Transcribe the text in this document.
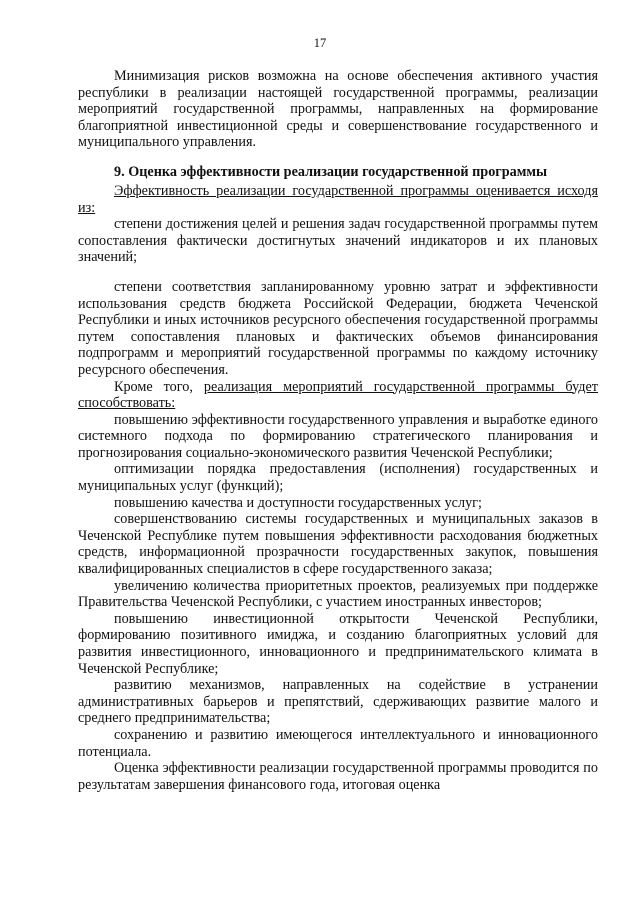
17

Минимизация рисков возможна на основе обеспечения активного участия республики в реализации настоящей государственной программы, реализации мероприятий государственной программы, направленных на формирование благоприятной инвестиционной среды и совершенствование государственного и муниципального управления.

9. Оценка эффективности реализации государственной программы

Эффективность реализации государственной программы оценивается исходя из:

степени достижения целей и решения задач государственной программы путем сопоставления фактически достигнутых значений индикаторов и их плановых значений;

степени соответствия запланированному уровню затрат и эффективности использования средств бюджета Российской Федерации, бюджета Чеченской Республики и иных источников ресурсного обеспечения государственной программы путем сопоставления плановых и фактических объемов финансирования подпрограмм и мероприятий государственной программы по каждому источнику ресурсного обеспечения.

Кроме того, реализация мероприятий государственной программы будет способствовать:

повышению эффективности государственного управления и выработке единого системного подхода по формированию стратегического планирования и прогнозирования социально-экономического развития Чеченской Республики;

оптимизации порядка предоставления (исполнения) государственных и муниципальных услуг (функций);

повышению качества и доступности государственных услуг;

совершенствованию системы государственных и муниципальных заказов в Чеченской Республике путем повышения эффективности расходования бюджетных средств, информационной прозрачности государственных закупок, повышения квалифицированных специалистов в сфере государственного заказа;

увеличению количества приоритетных проектов, реализуемых при поддержке Правительства Чеченской Республики, с участием иностранных инвесторов;

повышению инвестиционной открытости Чеченской Республики, формированию позитивного имиджа, и созданию благоприятных условий для развития инвестиционного, инновационного и предпринимательского климата в Чеченской Республике;

развитию механизмов, направленных на содействие в устранении административных барьеров и препятствий, сдерживающих развитие малого и среднего предпринимательства;

сохранению и развитию имеющегося интеллектуального и инновационного потенциала.

Оценка эффективности реализации государственной программы проводится по результатам завершения финансового года, итоговая оценка
